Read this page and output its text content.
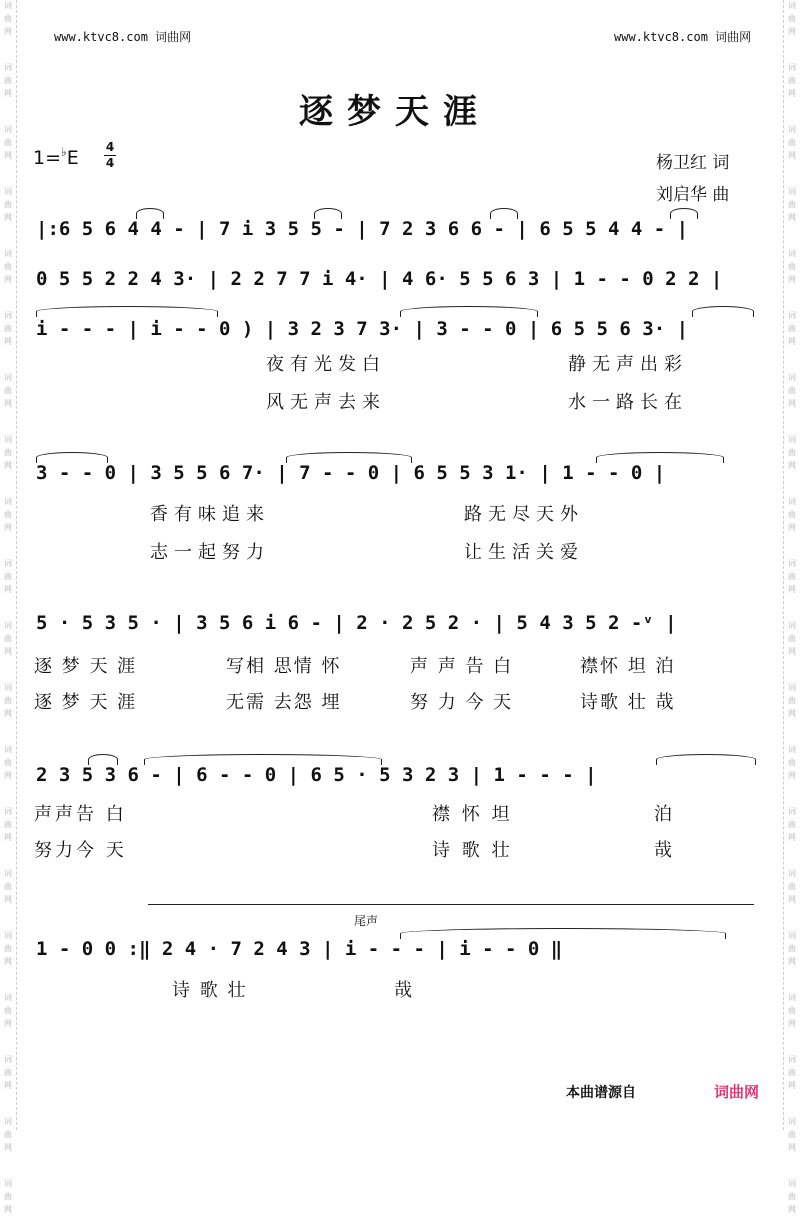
词
曲
网
词
曲
网
词
曲
网
词
曲
网
词
曲
网
词
曲
网
词
曲
网
词
曲
网
词
曲
网
词
曲
网
词
曲
网
词
曲
网
词
曲
网
词
曲
网
词
曲
网
词
曲
网
词
曲
网
词
曲
网
词
曲
网
词
曲
网
词
曲
网
词
曲
网
词
曲
网
词
曲
网
词
曲
网
词
曲
网
词
曲
网
词
曲
网
词
曲
网
词
曲
网
词
曲
网
词
曲
网
词
曲
网
词
曲
网
词
曲
网
词
曲
网
词
曲
网
词
曲
网
词
曲
网
词
曲
网
www.ktvc8.com 词曲网	www.ktvc8.com 词曲网
逐梦天涯
1=♭E 4
4	杨卫红 词
刘启华 曲
|:6 5 6 4 4 - | 7 i 3 5 5 - | 7 2 3 6 6 - | 6 5 5 4 4 - |
0 5 5 2 2 4 3· | 2 2 7 7 i 4· | 4 6· 5 5 6 3 | 1 - - 0 2 2 |
i - - - | i - - 0 ) | 3 2 3 7 3· | 3 - - 0 | 6 5 5 6 3· |
夜有光发白	静无声出彩
风无声去来	水一路长在
3 - - 0 | 3 5 5 6 7· | 7 - - 0 | 6 5 5 3 1· | 1 - - 0 |
香有味追来	路无尽天外
志一起努力	让生活关爱
5 · 5 3 5 · | 3 5 6 i 6 - | 2 · 2 5 2 · | 5 4 3 5 2 -ᵛ |
逐 梦 天 涯	写相 思情 怀	声 声 告 白	襟怀 坦 泊
逐 梦 天 涯	无需 去怨 埋	努 力 今 天	诗歌 壮 哉
2 3 5 3 6 - | 6 - - 0 | 6 5 · 5 3 2 3 | 1 - - - |
声声告 白	襟 怀 坦	泊
努力今 天	诗 歌 壮	哉
尾声
1 - 0 0 :‖ 2 4 · 7 2 4 3 | i - - - | i - - 0 ‖
诗 歌 壮	哉
本曲谱源自	词曲网
